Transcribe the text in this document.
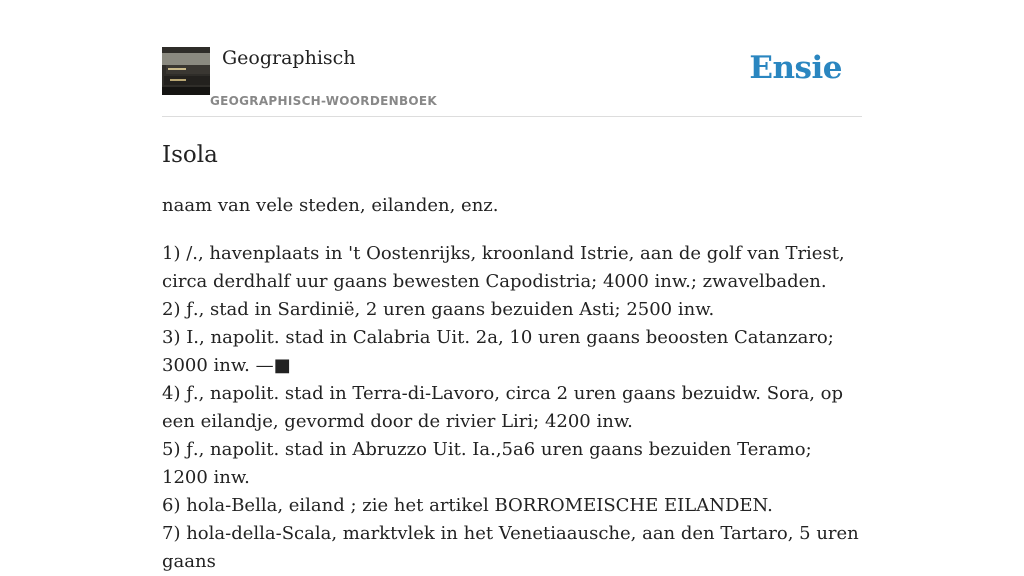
Geographisch
GEOGRAPHISCH-WOORDENBOEK
Ensie
Isola

naam van vele steden, eilanden, enz.

1) /., havenplaats in 't Oostenrijks, kroonland Istrie, aan de golf van Triest, circa derdhalf uur gaans bewesten Capodistria; 4000 inw.; zwavelbaden.
2) ƒ., stad in Sardinië, 2 uren gaans bezuiden Asti; 2500 inw.
3) I., napolit. stad in Calabria Uit. 2a, 10 uren gaans beoosten Catanzaro; 3000 inw. —■
4) ƒ., napolit. stad in Terra-di-Lavoro, circa 2 uren gaans bezuidw. Sora, op een eilandje, gevormd door de rivier Liri; 4200 inw.
5) ƒ., napolit. stad in Abruzzo Uit. Ia.,5a6 uren gaans bezuiden Teramo; 1200 inw.
6) hola-Bella, eiland ; zie het artikel BORROMEISCHE EILANDEN.
7) hola-della-Scala, marktvlek in het Venetiaausche, aan den Tartaro, 5 uren gaans
